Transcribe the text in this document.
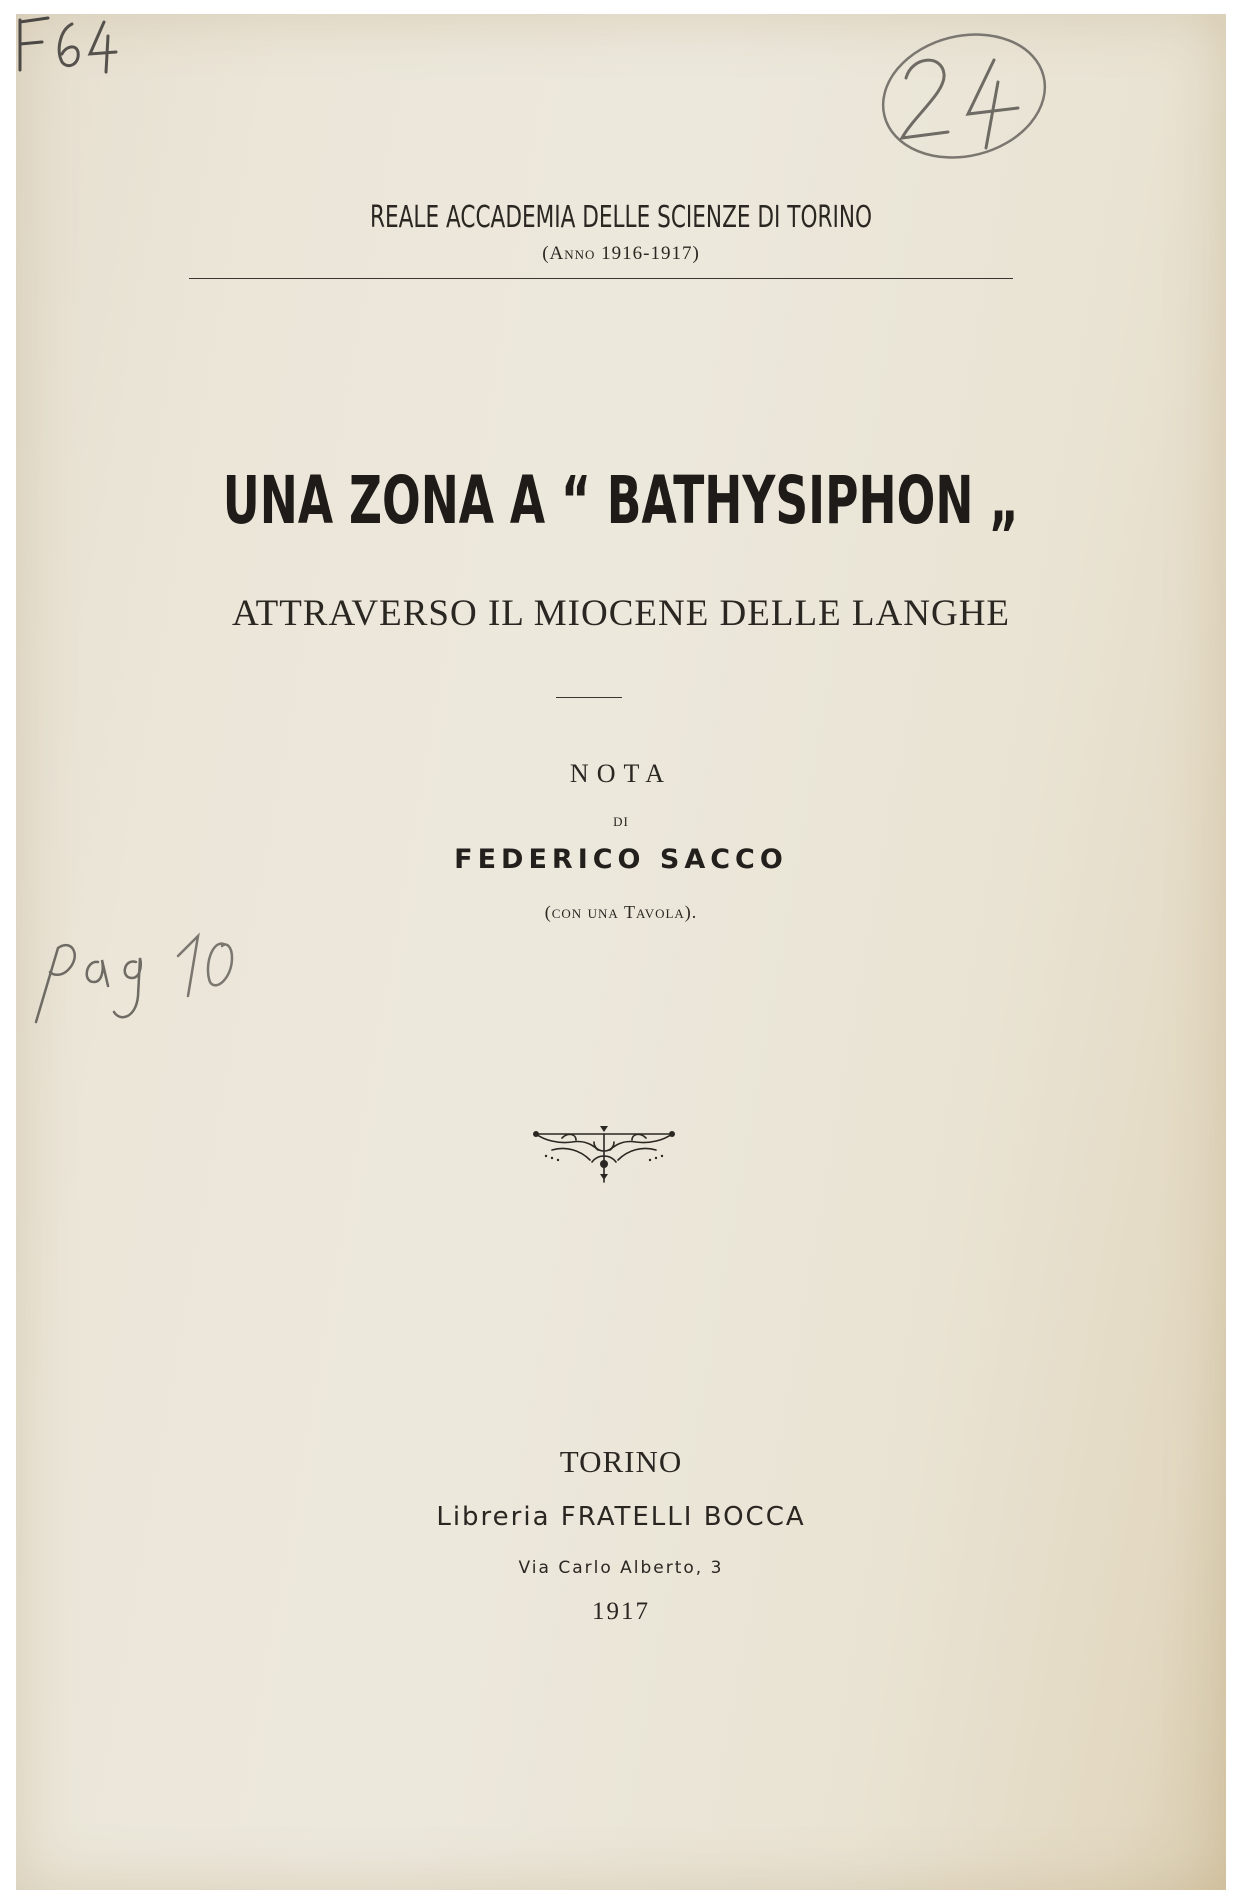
REALE ACCADEMIA DELLE SCIENZE DI TORINO
(Anno 1916-1917)
UNA ZONA A “ BATHYSIPHON „
ATTRAVERSO IL MIOCENE DELLE LANGHE
NOTA
DI
FEDERICO SACCO
(con una Tavola).
TORINO
Libreria FRATELLI BOCCA
Via Carlo Alberto, 3
1917
